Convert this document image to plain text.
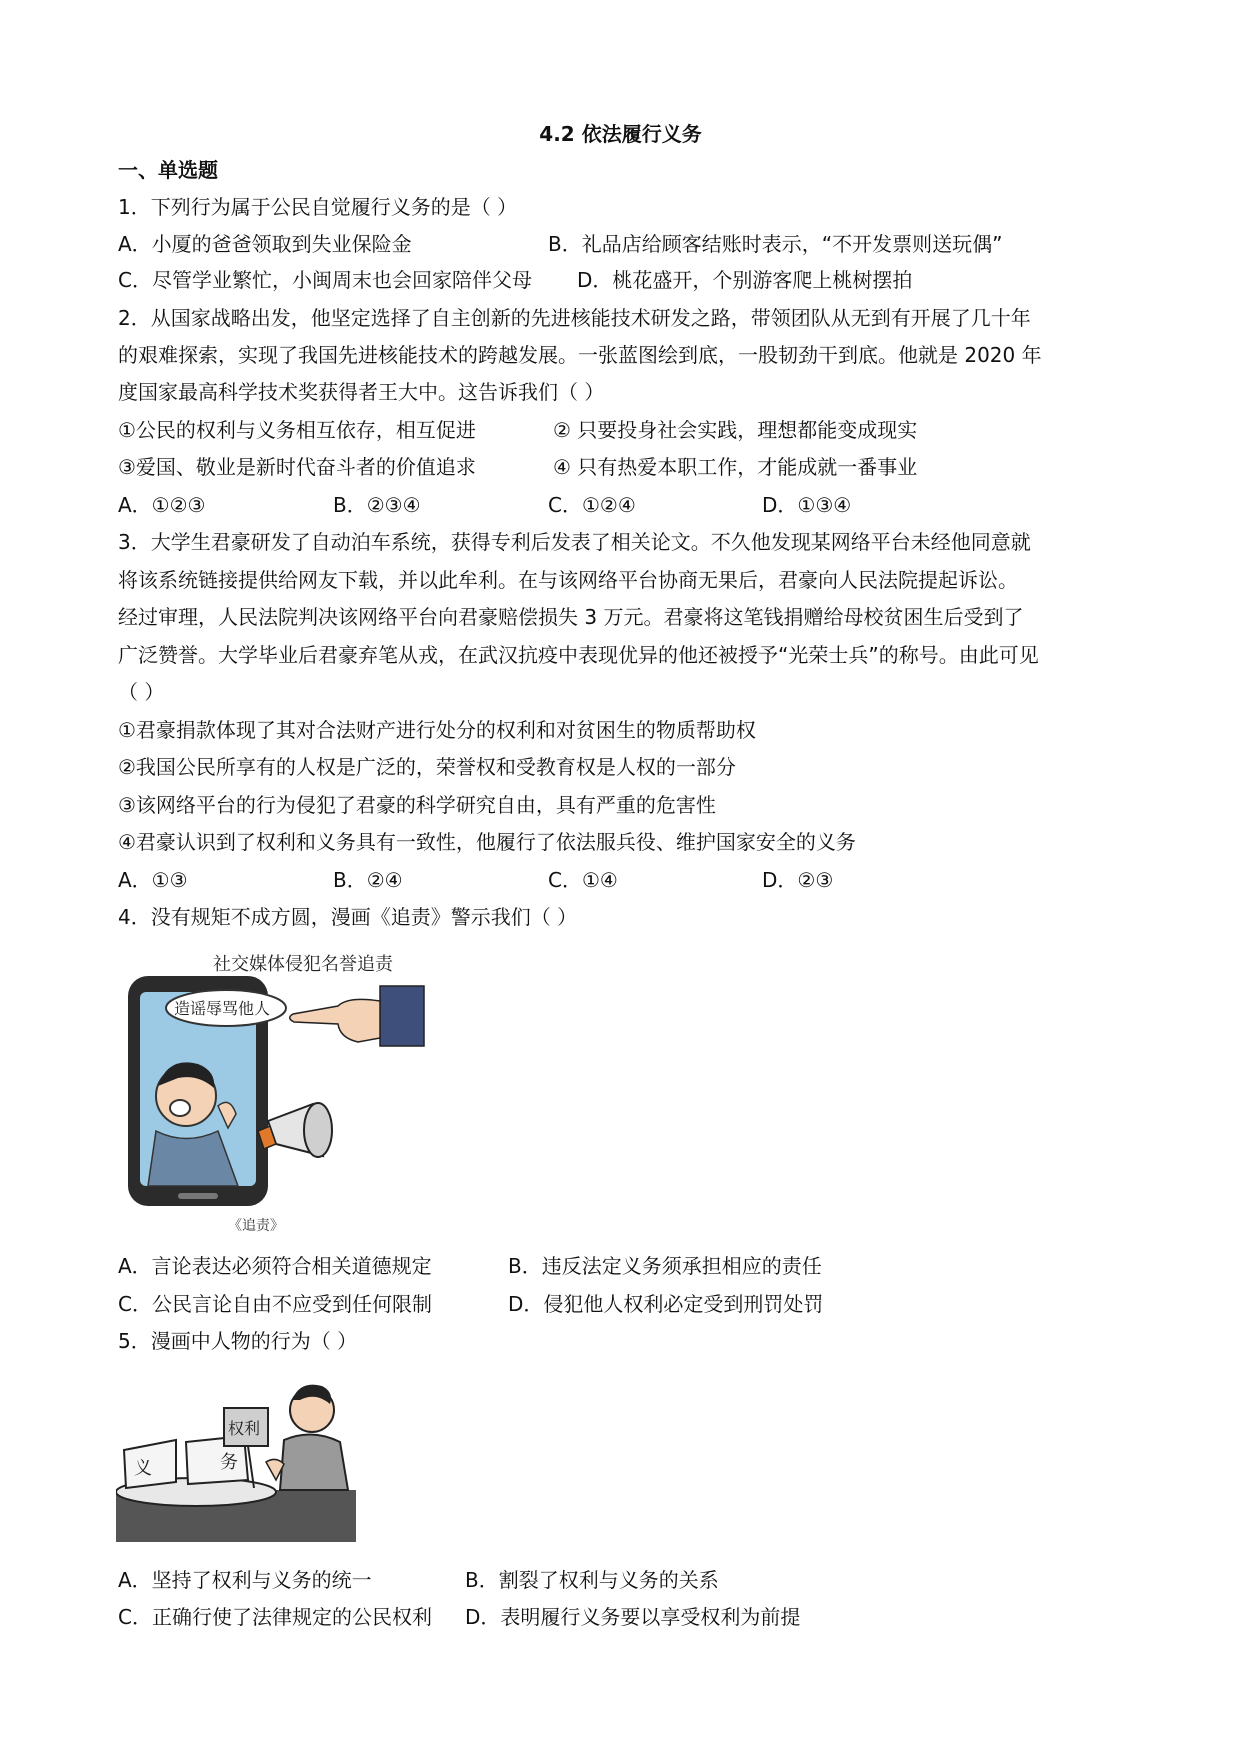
4.2 依法履行义务
一、单选题
1．下列行为属于公民自觉履行义务的是（ ）
A．小厦的爸爸领取到失业保险金	B．礼品店给顾客结账时表示，“不开发票则送玩偶”
C．尽管学业繁忙，小闽周末也会回家陪伴父母 D．桃花盛开，个别游客爬上桃树摆拍
2．从国家战略出发，他坚定选择了自主创新的先进核能技术研发之路，带领团队从无到有开展了几十年
的艰难探索，实现了我国先进核能技术的跨越发展。一张蓝图绘到底，一股韧劲干到底。他就是 2020 年
度国家最高科学技术奖获得者王大中。这告诉我们（ ）
①公民的权利与义务相互依存，相互促进	② 只要投身社会实践，理想都能变成现实
③爱国、敬业是新时代奋斗者的价值追求	④ 只有热爱本职工作，才能成就一番事业
A．①②③	B．②③④	C．①②④	D．①③④
3．大学生君豪研发了自动泊车系统，获得专利后发表了相关论文。不久他发现某网络平台未经他同意就
将该系统链接提供给网友下载，并以此牟利。在与该网络平台协商无果后，君豪向人民法院提起诉讼。
经过审理，人民法院判决该网络平台向君豪赔偿损失 3 万元。君豪将这笔钱捐赠给母校贫困生后受到了
广泛赞誉。大学毕业后君豪弃笔从戎，在武汉抗疫中表现优异的他还被授予“光荣士兵”的称号。由此可见
（ ）
①君豪捐款体现了其对合法财产进行处分的权利和对贫困生的物质帮助权
②我国公民所享有的人权是广泛的，荣誉权和受教育权是人权的一部分
③该网络平台的行为侵犯了君豪的科学研究自由，具有严重的危害性
④君豪认识到了权利和义务具有一致性，他履行了依法服兵役、维护国家安全的义务
A．①③	B．②④	C．①④	D．②③
4．没有规矩不成方圆，漫画《追责》警示我们（ ）
社交媒体侵犯名誉追责
造谣辱骂他人
《追责》
A．言论表达必须符合相关道德规定	B．违反法定义务须承担相应的责任
C．公民言论自由不应受到任何限制	D．侵犯他人权利必定受到刑罚处罚
5．漫画中人物的行为（ ）
义	务
权利
A．坚持了权利与义务的统一	B．割裂了权利与义务的关系
C．正确行使了法律规定的公民权利 D．表明履行义务要以享受权利为前提
